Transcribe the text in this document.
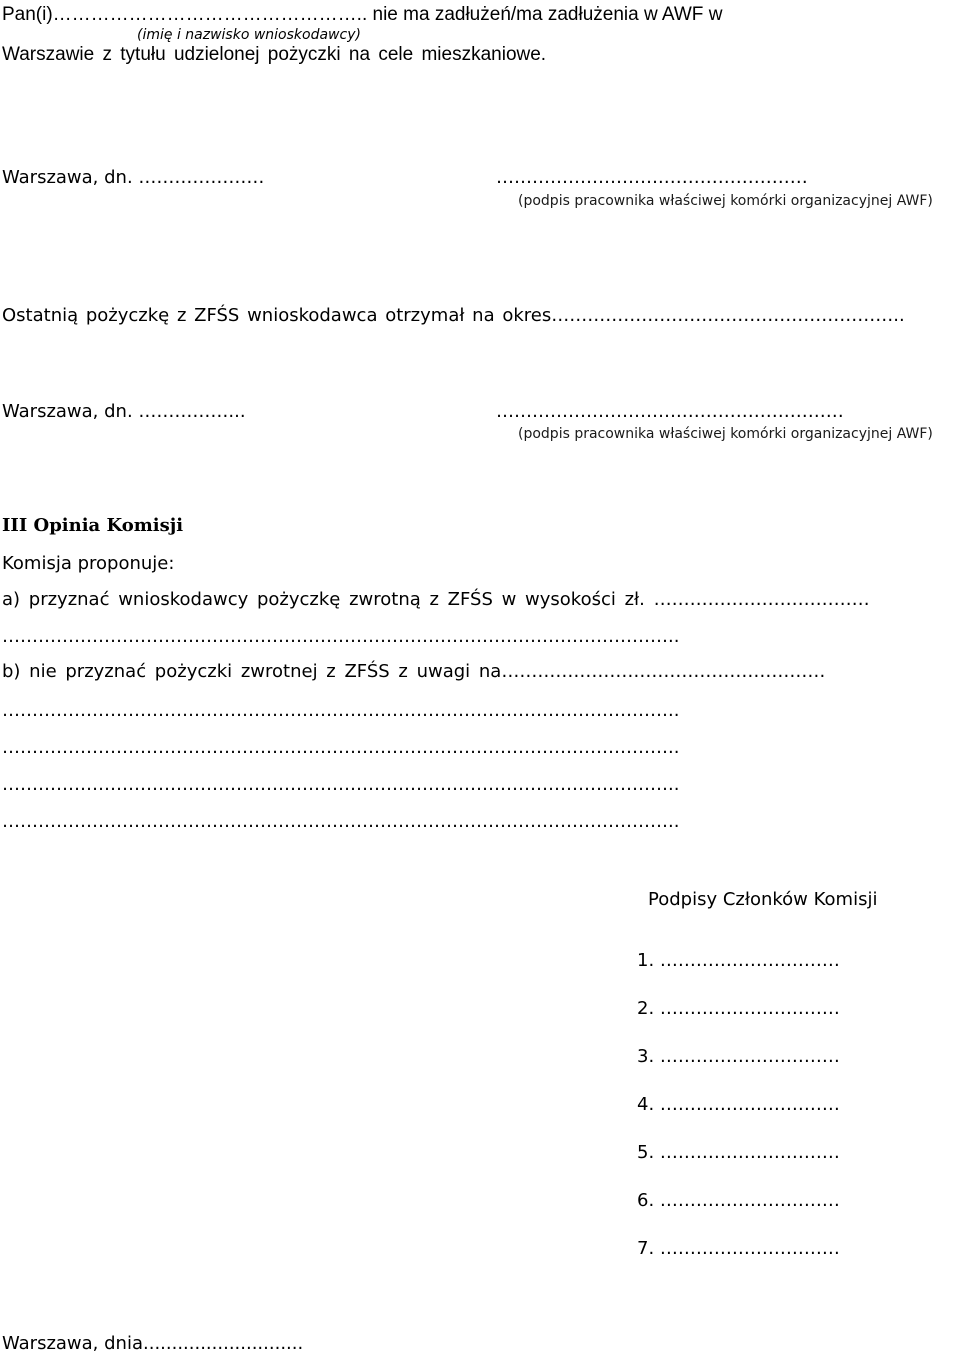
Pan(i)………………………………………….. nie ma zadłużeń/ma zadłużenia w AWF w
(imię i nazwisko wnioskodawcy)
Warszawie z tytułu udzielonej pożyczki na cele mieszkaniowe.
Warszawa, dn. …………………	……………………….……………………
(podpis pracownika właściwej komórki organizacyjnej AWF)
Ostatnią pożyczkę z ZFŚS wnioskodawca otrzymał na okres…………………………………………………..
Warszawa, dn. ……………...	………………………….………………………
(podpis pracownika właściwej komórki organizacyjnej AWF)
III Opinia Komisji
Komisja proponuje:
a) przyznać wnioskodawcy pożyczkę zwrotną z ZFŚS w wysokości zł. ………………………………
…………………………………………………………………………………………………..
b) nie przyznać pożyczki zwrotnej z ZFŚS z uwagi na………………………………………………
…………………………………………………………………………………………………..
…………………………………………………………………………………………………..
…………………………………………………………………………………………………..
…………………………………………………………………………………………………..
Podpisy Członków Komisji
1. …………………………
2. …………………………
3. …………………………
4. …………………………
5. …………………………
6. …………………………
7. …………………………
Warszawa, dnia............................
